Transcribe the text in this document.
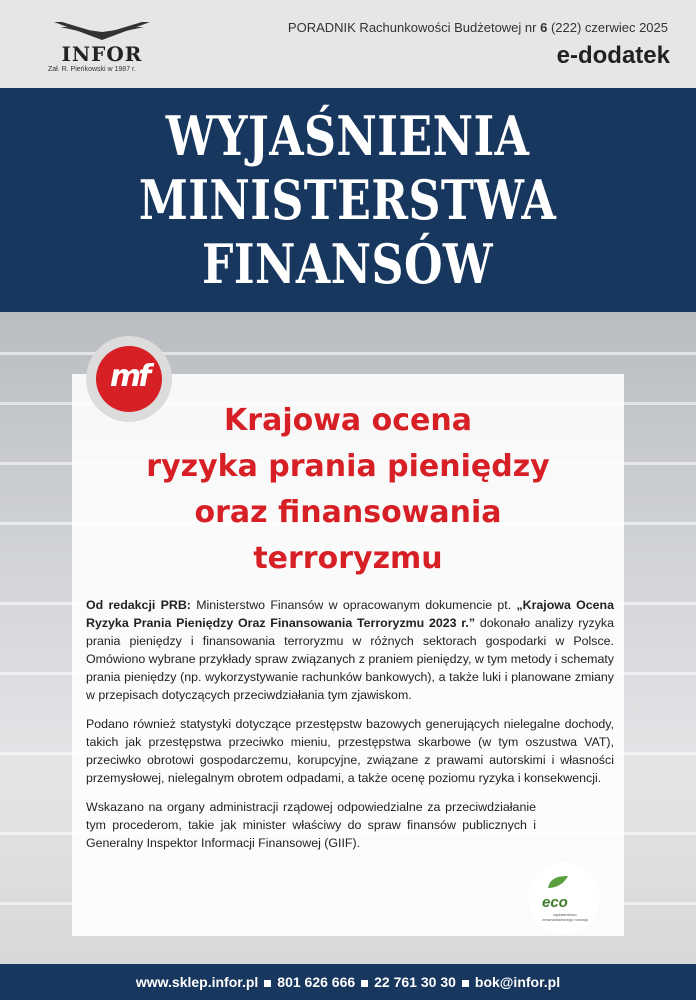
INFOR
Zał. R. Pieńkowski w 1987 r.
PORADNIK Rachunkowości Budżetowej nr 6 (222) czerwiec 2025
e-dodatek
WYJAŚNIENIA
MINISTERSTWA
FINANSÓW
mf
Krajowa ocena
ryzyka prania pieniędzy
oraz finansowania
terroryzmu

Od redakcji PRB: Ministerstwo Finansów w opracowanym dokumencie pt. „Krajowa Ocena Ryzyka Prania Pieniędzy Oraz Finansowania Terroryzmu 2023 r.” dokonało analizy ryzyka prania pieniędzy i finansowania terroryzmu w różnych sektorach gospodarki w Polsce. Omówiono wybrane przykłady spraw związanych z praniem pieniędzy, w tym metody i schematy prania pieniędzy (np. wykorzystywanie rachunków bankowych), a także luki i planowane zmiany w przepisach dotyczących przeciwdziałania tym zjawiskom.

Podano również statystyki dotyczące przestępstw bazowych generujących nielegalne dochody, takich jak przestępstwa przeciwko mieniu, przestępstwa skarbowe (w tym oszustwa VAT), przeciwko obrotowi gospodarczemu, korupcyjne, związane z prawami autorskimi i własności przemysłowej, nielegalnym obrotem odpadami, a także ocenę poziomu ryzyka i konsekwencji.

Wskazano na organy administracji rządowej odpowiedzialne za przeciwdziałanie tym procederom, takie jak minister właściwy do spraw finansów publicznych i Generalny Inspektor Informacji Finansowej (GIIF).

eco
wydawnictwo zrównoważonego rozwoju
www.sklep.infor.pl 801 626 666 22 761 30 30 bok@infor.pl
